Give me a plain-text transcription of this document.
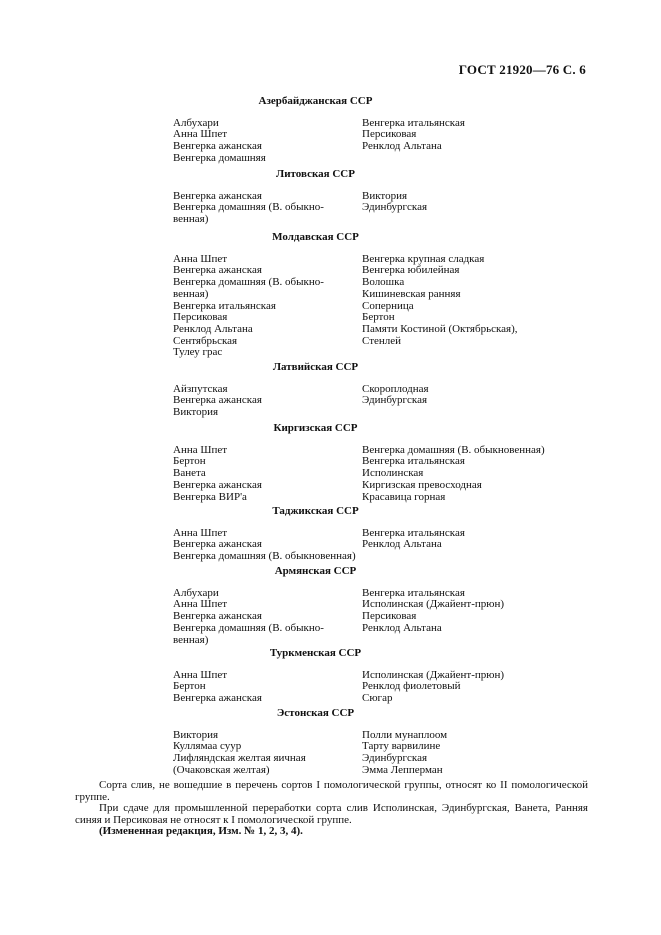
ГОСТ 21920—76 С. 6
Азербайджанская ССР
Албухари
Анна Шпет
Венгерка ажанская
Венгерка домашняя
Венгерка итальянская
Персиковая
Ренклод Альтана
Литовская ССР
Венгерка ажанская
Венгерка домашняя (В. обыкно-
венная)
Виктория
Эдинбургская
Молдавская ССР
Анна Шпет
Венгерка ажанская
Венгерка домашняя (В. обыкно-
венная)
Венгерка итальянская
Персиковая
Ренклод Альтана
Сентябрьская
Тулеу грас
Венгерка крупная сладкая
Венгерка юбилейная
Волошка
Кишиневская ранняя
Соперница
Бертон
Памяти Костиной (Октябрьская),
Стенлей
Латвийская ССР
Айзпутская
Венгерка ажанская
Виктория
Скороплодная
Эдинбургская
Киргизская ССР
Анна Шпет
Бертон
Ванета
Венгерка ажанская
Венгерка ВИР'а
Венгерка домашняя (В. обыкновенная)
Венгерка итальянская
Исполинская
Киргизская превосходная
Красавица горная
Таджикская ССР
Анна Шпет
Венгерка ажанская
Венгерка итальянская
Ренклод Альтана
Венгерка домашняя (В. обыкновенная)
Армянская ССР
Албухари
Анна Шпет
Венгерка ажанская
Венгерка домашняя (В. обыкно-
венная)
Венгерка итальянская
Исполинская (Джайент-прюн)
Персиковая
Ренклод Альтана
Туркменская ССР
Анна Шпет
Бертон
Венгерка ажанская
Исполинская (Джайент-прюн)
Ренклод фиолетовый
Сюгар
Эстонская ССР
Виктория
Куллямаа суур
Лифляндская желтая яичная
(Очаковская желтая)
Полли мунаплоом
Тарту варвилине
Эдинбургская
Эмма Лепперман
Сорта слив, не вошедшие в перечень сортов I помологической группы, относят ко II помологической группе.
При сдаче для промышленной переработки сорта слив Исполинская, Эдинбургская, Ванета, Ранняя синяя и Персиковая не относят к I помологической группе.
(Измененная редакция, Изм. № 1, 2, 3, 4).
